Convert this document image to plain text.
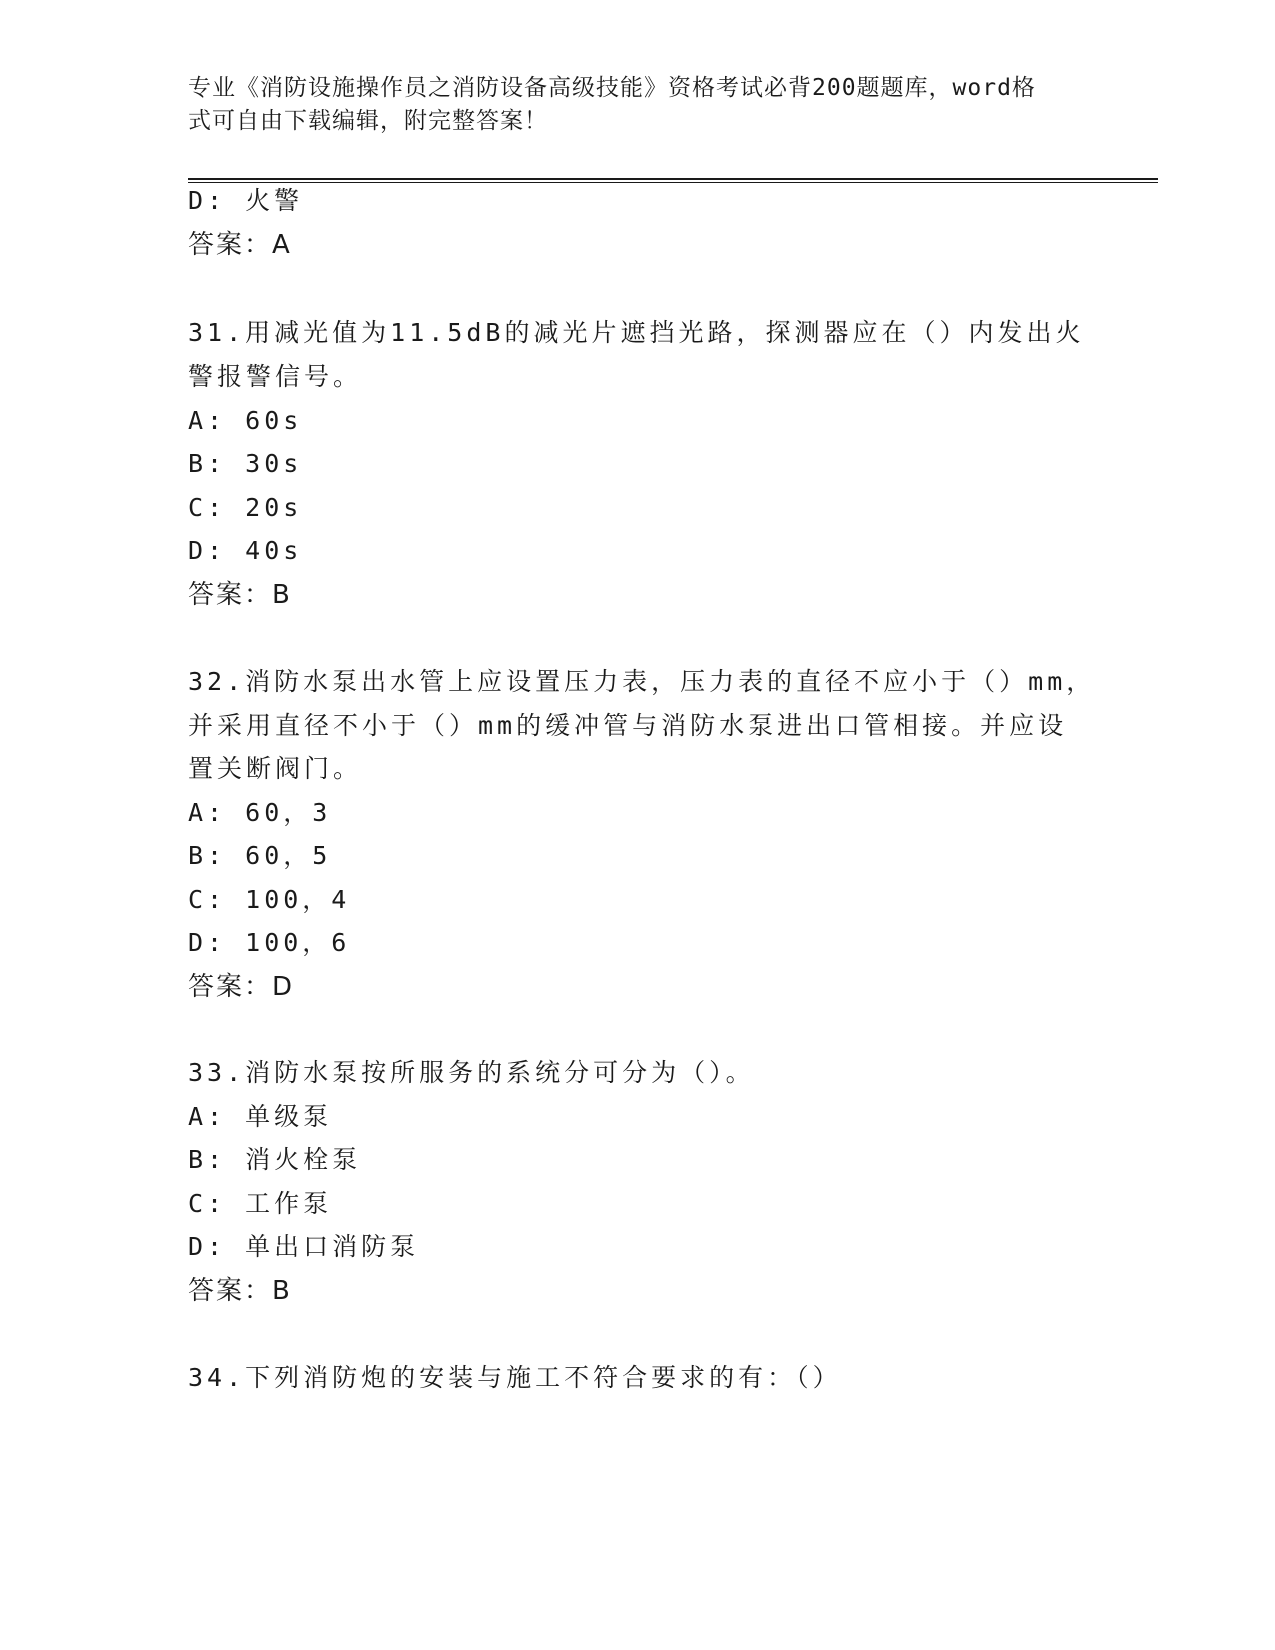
专业《消防设施操作员之消防设备高级技能》资格考试必背200题题库，word格
式可自由下载编辑，附完整答案！
D: 火警
答案：A
31.用减光值为11.5dB的减光片遮挡光路，探测器应在（）内发出火
警报警信号。
A: 60s
B: 30s
C: 20s
D: 40s
答案：B
32.消防水泵出水管上应设置压力表，压力表的直径不应小于（）mm，
并采用直径不小于（）mm的缓冲管与消防水泵进出口管相接。并应设
置关断阀门。
A: 60，3
B: 60，5
C: 100，4
D: 100，6
答案：D
33.消防水泵按所服务的系统分可分为（）。
A: 单级泵
B: 消火栓泵
C: 工作泵
D: 单出口消防泵
答案：B
34.下列消防炮的安装与施工不符合要求的有：（）
